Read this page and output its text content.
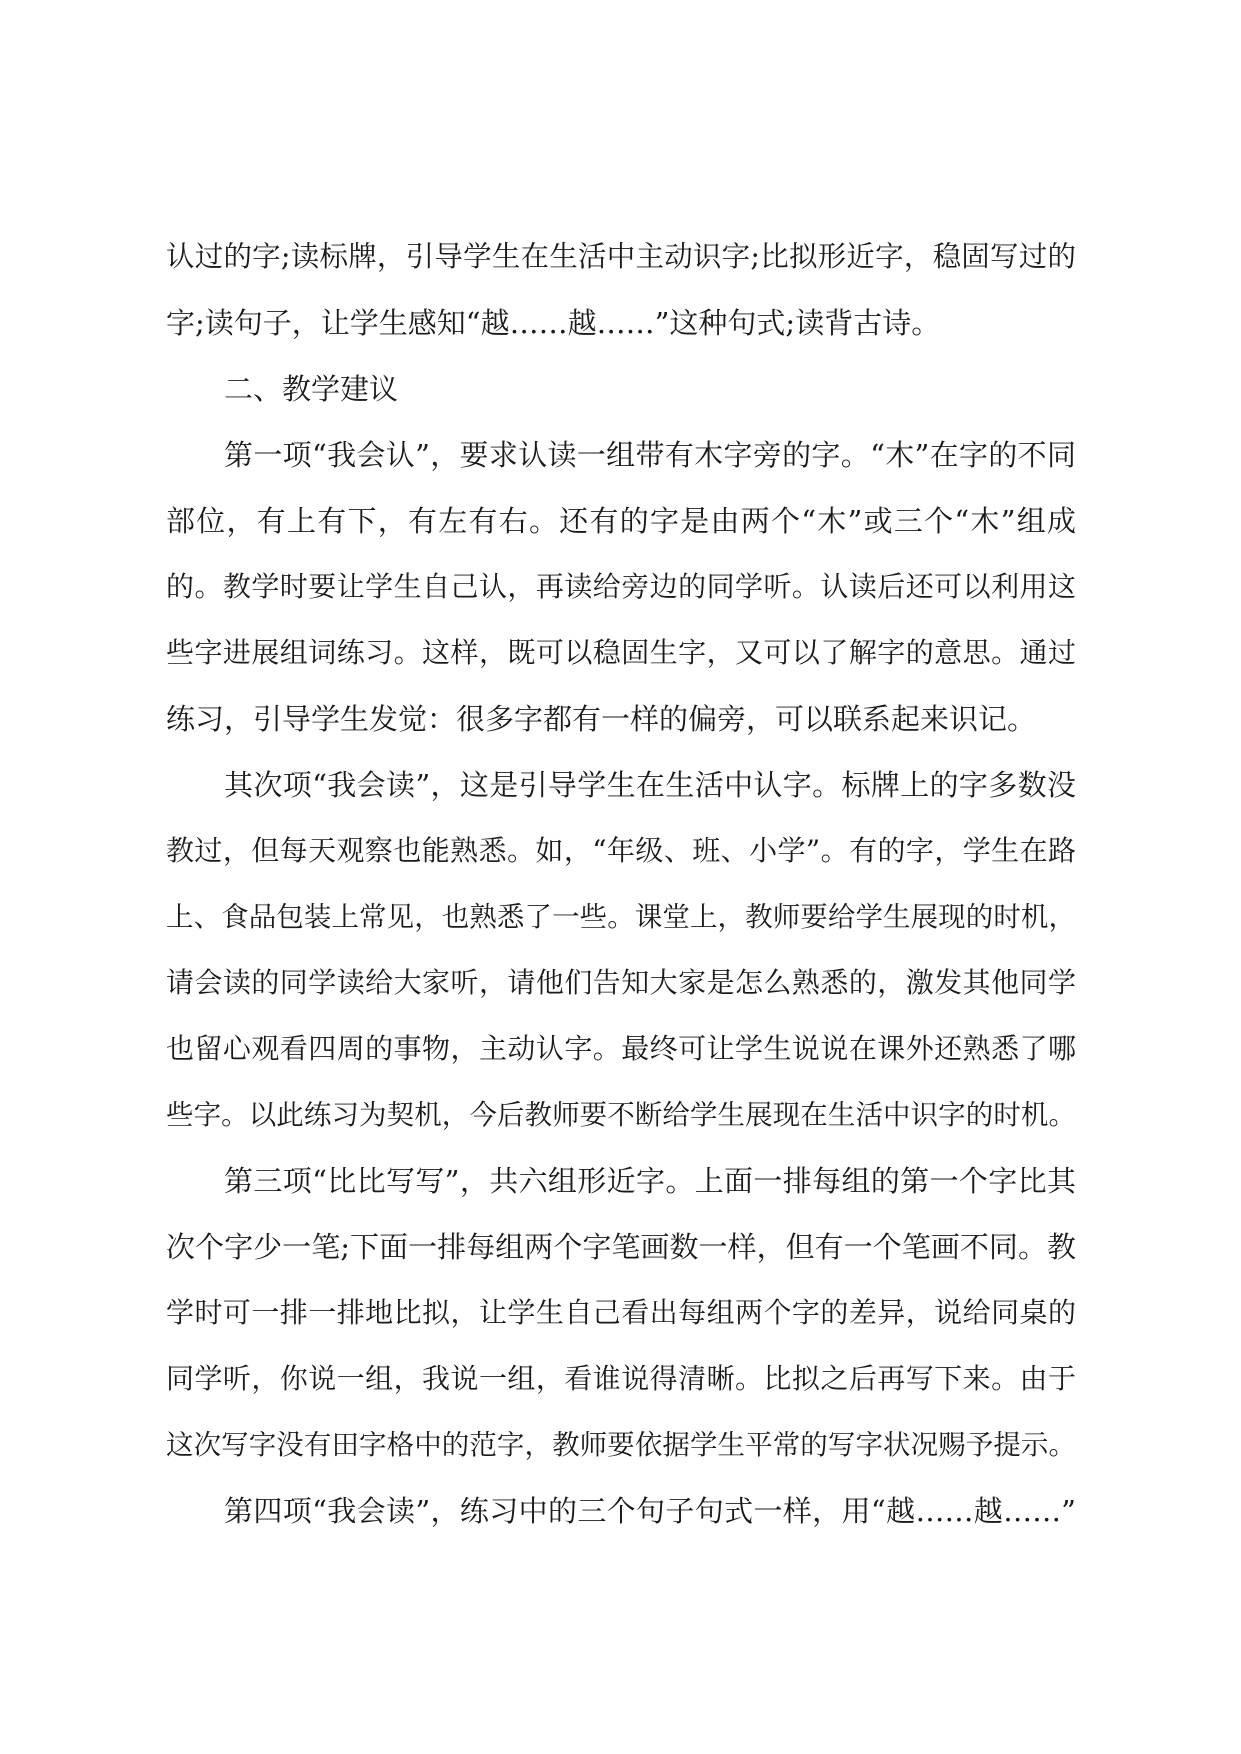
认过的字;读标牌，引导学生在生活中主动识字;比拟形近字，稳固写过的
字;读句子，让学生感知“越……越……”这种句式;读背古诗。
二、教学建议
第一项“我会认”，要求认读一组带有木字旁的字。“木”在字的不同
部位，有上有下，有左有右。还有的字是由两个“木”或三个“木”组成
的。教学时要让学生自己认，再读给旁边的同学听。认读后还可以利用这
些字进展组词练习。这样，既可以稳固生字，又可以了解字的意思。通过
练习，引导学生发觉：很多字都有一样的偏旁，可以联系起来识记。
其次项“我会读”，这是引导学生在生活中认字。标牌上的字多数没
教过，但每天观察也能熟悉。如，“年级、班、小学”。有的字，学生在路
上、食品包装上常见，也熟悉了一些。课堂上，教师要给学生展现的时机，
请会读的同学读给大家听，请他们告知大家是怎么熟悉的，激发其他同学
也留心观看四周的事物，主动认字。最终可让学生说说在课外还熟悉了哪
些字。以此练习为契机，今后教师要不断给学生展现在生活中识字的时机。
第三项“比比写写”，共六组形近字。上面一排每组的第一个字比其
次个字少一笔;下面一排每组两个字笔画数一样，但有一个笔画不同。教
学时可一排一排地比拟，让学生自己看出每组两个字的差异，说给同桌的
同学听，你说一组，我说一组，看谁说得清晰。比拟之后再写下来。由于
这次写字没有田字格中的范字，教师要依据学生平常的写字状况赐予提示。
第四项“我会读”，练习中的三个句子句式一样，用“越……越……”
